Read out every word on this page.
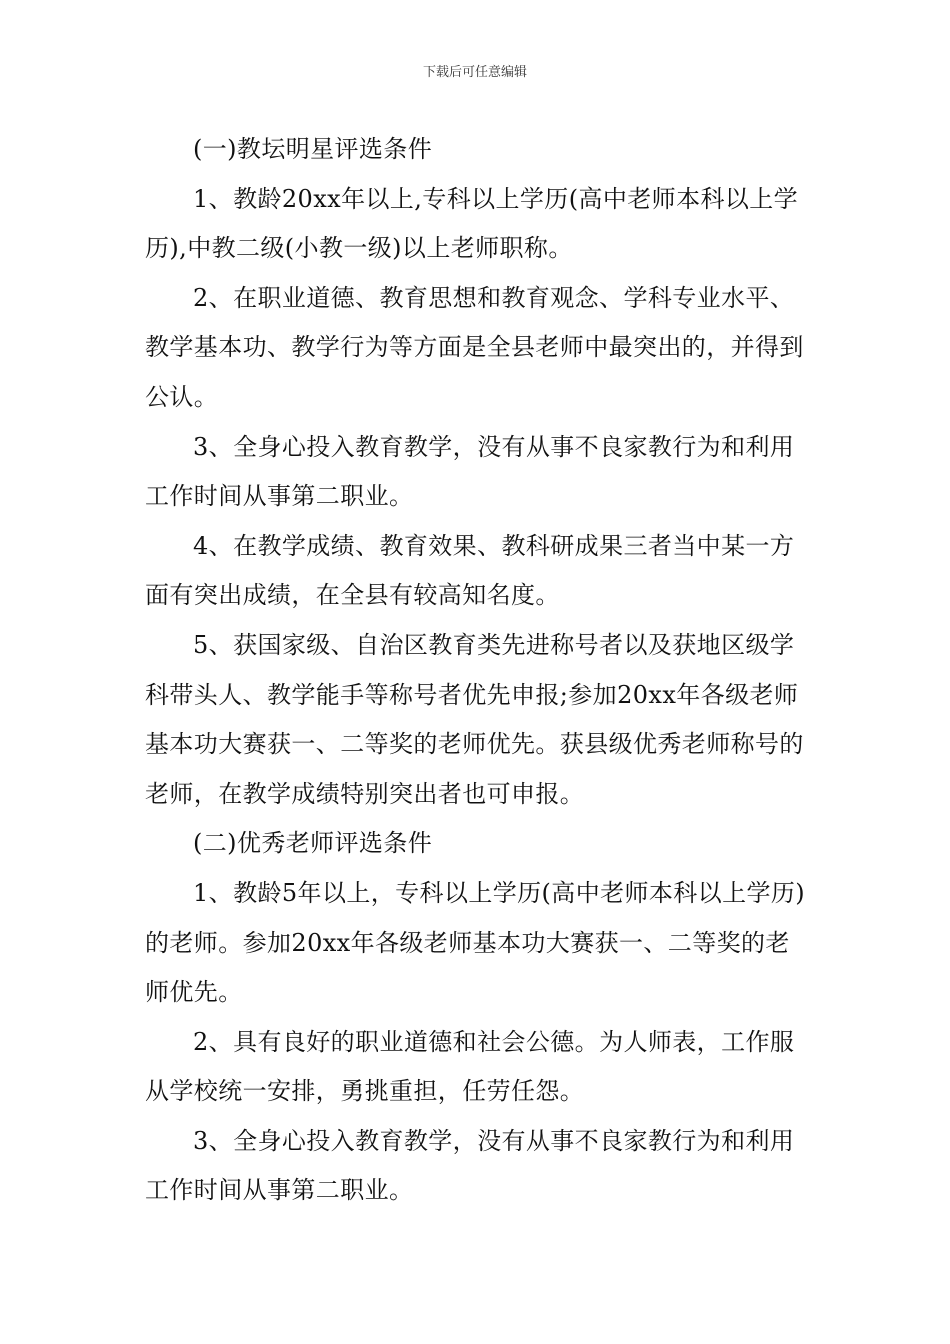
下载后可任意编辑

(一)教坛明星评选条件

1、教龄20xx年以上,专科以上学历(高中老师本科以上学历),中教二级(小教一级)以上老师职称。

2、在职业道德、教育思想和教育观念、学科专业水平、教学基本功、教学行为等方面是全县老师中最突出的，并得到公认。

3、全身心投入教育教学，没有从事不良家教行为和利用工作时间从事第二职业。

4、在教学成绩、教育效果、教科研成果三者当中某一方面有突出成绩，在全县有较高知名度。

5、获国家级、自治区教育类先进称号者以及获地区级学科带头人、教学能手等称号者优先申报;参加20xx年各级老师基本功大赛获一、二等奖的老师优先。获县级优秀老师称号的老师，在教学成绩特别突出者也可申报。

(二)优秀老师评选条件

1、教龄5年以上，专科以上学历(高中老师本科以上学历)的老师。参加20xx年各级老师基本功大赛获一、二等奖的老师优先。

2、具有良好的职业道德和社会公德。为人师表，工作服从学校统一安排，勇挑重担，任劳任怨。

3、全身心投入教育教学，没有从事不良家教行为和利用工作时间从事第二职业。
